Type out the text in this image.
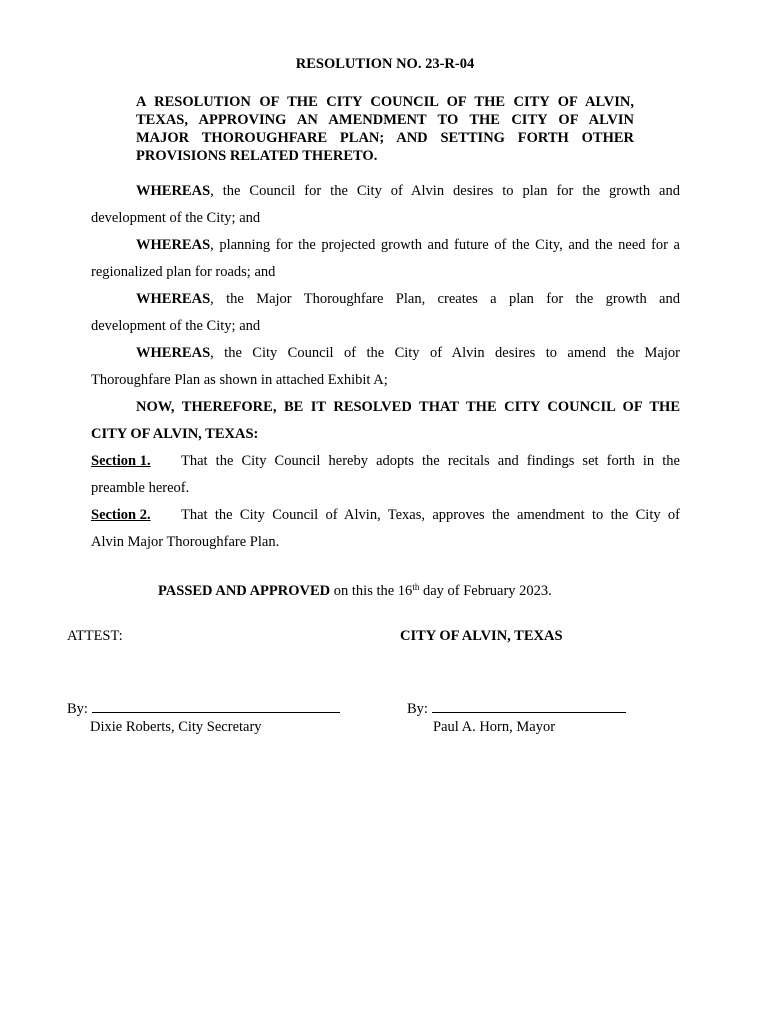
RESOLUTION NO. 23-R-04
A RESOLUTION OF THE CITY COUNCIL OF THE CITY OF ALVIN,
TEXAS, APPROVING AN AMENDMENT TO THE CITY OF ALVIN
MAJOR THOROUGHFARE PLAN; AND SETTING FORTH OTHER
PROVISIONS RELATED THERETO.
WHEREAS, the Council for the City of Alvin desires to plan for the growth and
development of the City; and
WHEREAS, planning for the projected growth and future of the City, and the need for a
regionalized plan for roads; and
WHEREAS, the Major Thoroughfare Plan, creates a plan for the growth and
development of the City; and
WHEREAS, the City Council of the City of Alvin desires to amend the Major
Thoroughfare Plan as shown in attached Exhibit A;
NOW, THEREFORE, BE IT RESOLVED THAT THE CITY COUNCIL OF THE
CITY OF ALVIN, TEXAS:
Section 1.	That the City Council hereby adopts the recitals and findings set forth in the
preamble hereof.
Section 2.	That the City Council of Alvin, Texas, approves the amendment to the City of
Alvin Major Thoroughfare Plan.
PASSED AND APPROVED on this the 16th day of February 2023.
ATTEST:	CITY OF ALVIN, TEXAS
By:
Dixie Roberts, City Secretary
By:
Paul A. Horn, Mayor
